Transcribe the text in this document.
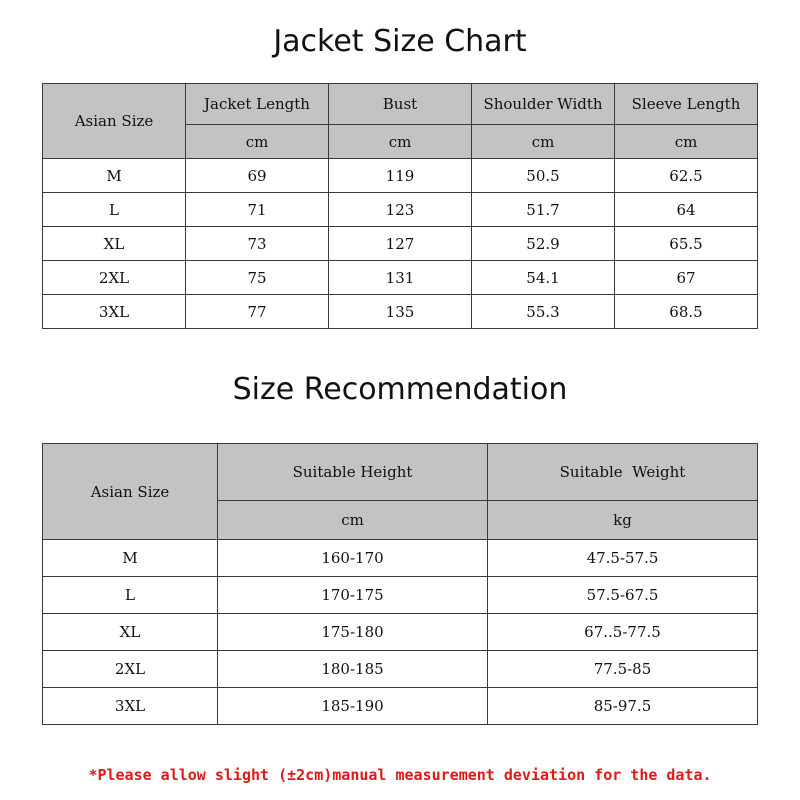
Jacket Size Chart
Asian Size	Jacket Length	Bust	Shoulder Width	Sleeve Length
	cm	cm	cm	cm
M	69	119	50.5	62.5
L	71	123	51.7	64
XL	73	127	52.9	65.5
2XL	75	131	54.1	67
3XL	77	135	55.3	68.5
Size Recommendation
Asian Size	Suitable Height	Suitable  Weight
	cm	kg
M	160-170	47.5-57.5
L	170-175	57.5-67.5
XL	175-180	67..5-77.5
2XL	180-185	77.5-85
3XL	185-190	85-97.5
*Please allow slight (±2cm)manual measurement deviation for the data.
